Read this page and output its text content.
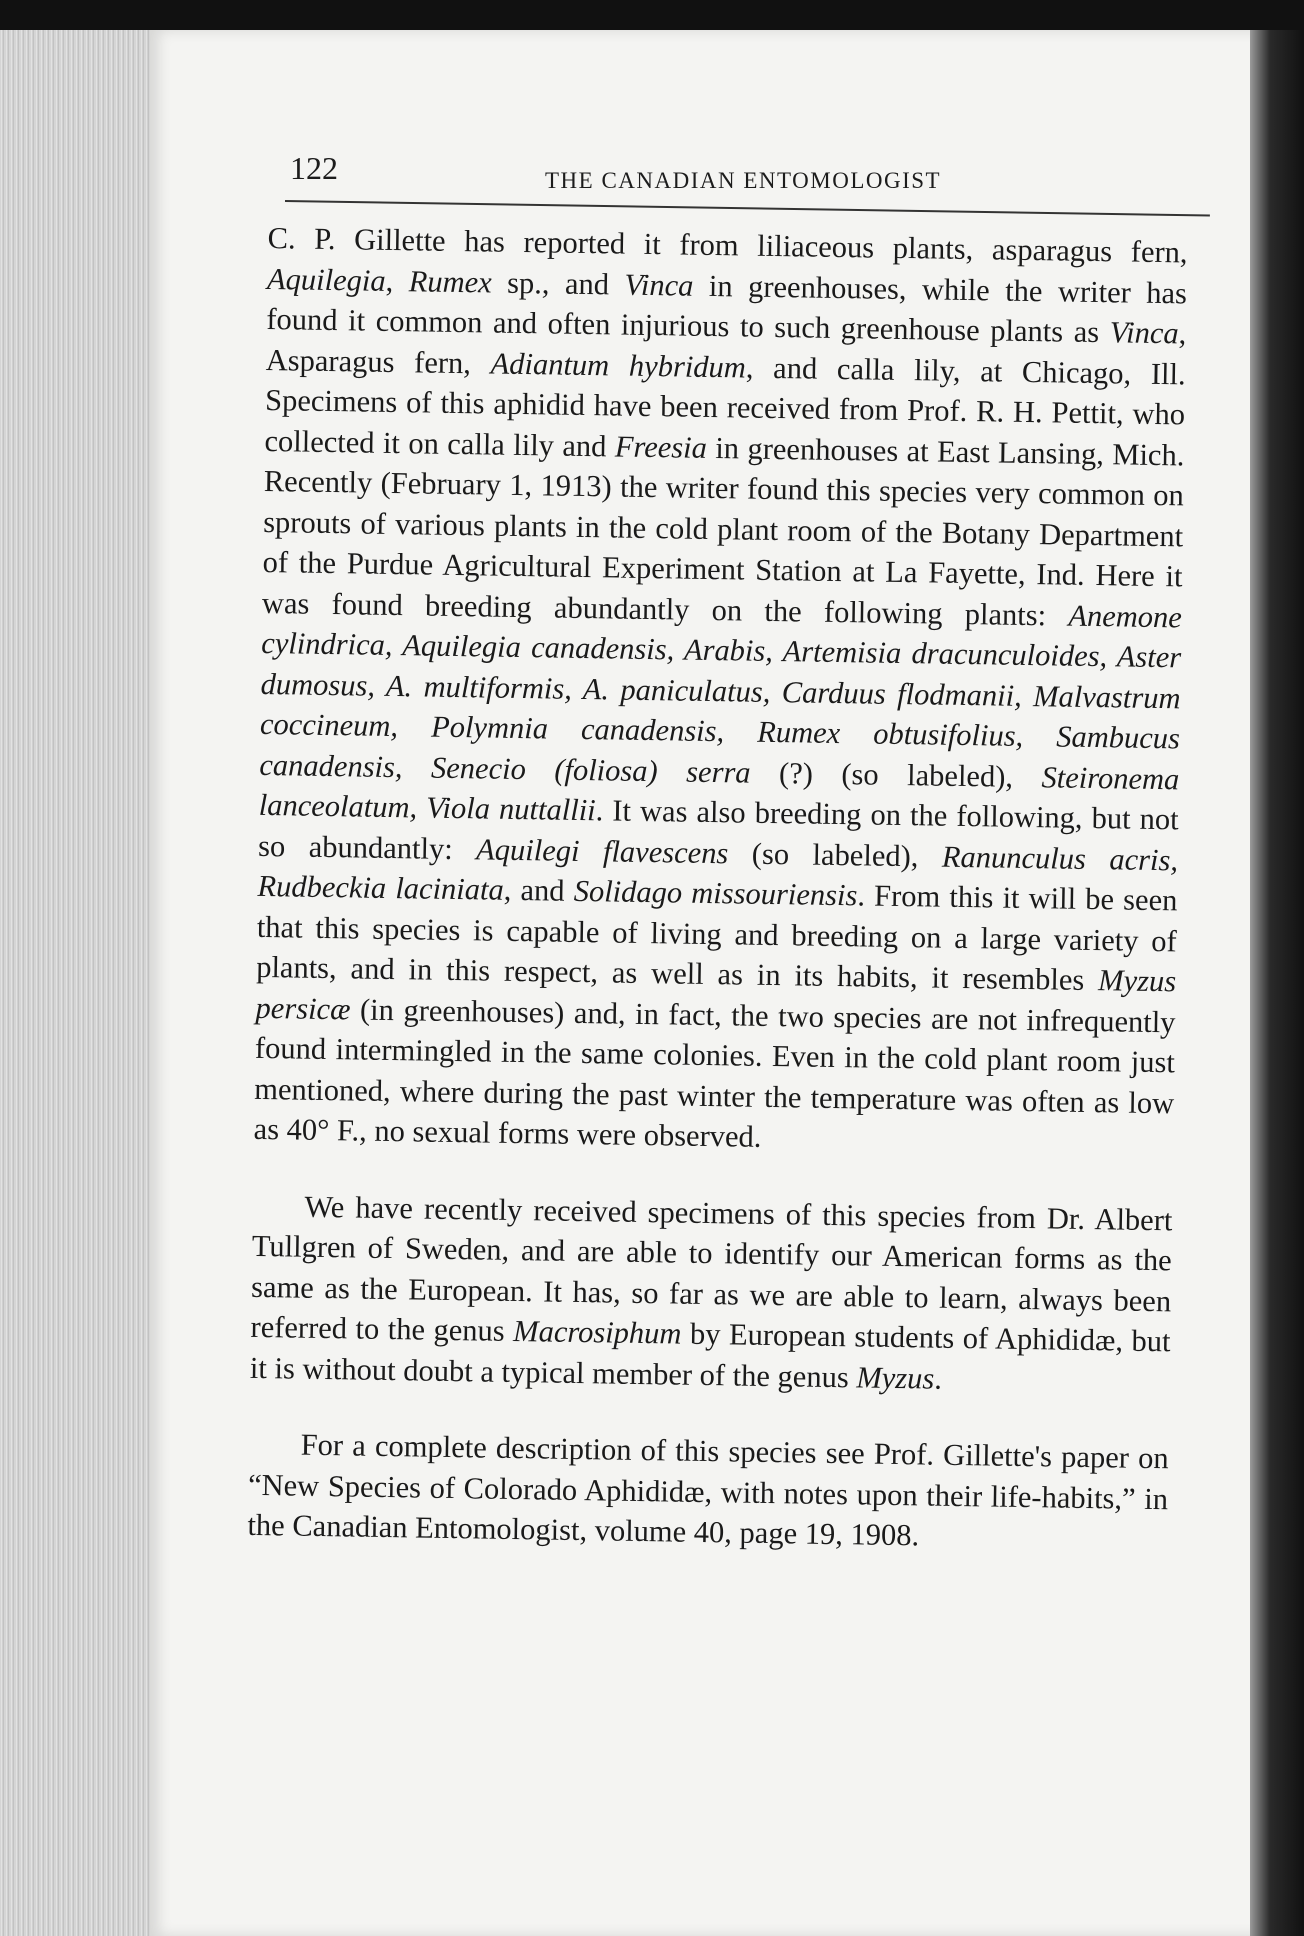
122	THE CANADIAN ENTOMOLOGIST

C. P. Gillette has reported it from liliaceous plants, asparagus fern, Aquilegia, Rumex sp., and Vinca in greenhouses, while the writer has found it common and often injurious to such greenhouse plants as Vinca, Asparagus fern, Adiantum hybridum, and calla lily, at Chicago, Ill. Specimens of this aphidid have been received from Prof. R. H. Pettit, who collected it on calla lily and Freesia in greenhouses at East Lansing, Mich. Recently (February 1, 1913) the writer found this species very common on sprouts of various plants in the cold plant room of the Botany Department of the Purdue Agricultural Experiment Station at La Fayette, Ind. Here it was found breeding abundantly on the following plants: Anemone cylindrica, Aquilegia canadensis, Arabis, Artemisia dracunculoides, Aster dumosus, A. multiformis, A. paniculatus, Carduus flodmanii, Malvastrum coccineum, Polymnia canadensis, Rumex obtusifolius, Sambucus canadensis, Senecio (foliosa) serra (?) (so labeled), Steironema lanceolatum, Viola nuttallii. It was also breeding on the following, but not so abundantly: Aquilegi flavescens (so labeled), Ranunculus acris, Rudbeckia laciniata, and Solidago missouriensis. From this it will be seen that this species is capable of living and breeding on a large variety of plants, and in this respect, as well as in its habits, it resembles Myzus persicæ (in greenhouses) and, in fact, the two species are not infrequently found intermingled in the same colonies. Even in the cold plant room just mentioned, where during the past winter the temperature was often as low as 40° F., no sexual forms were observed.

We have recently received specimens of this species from Dr. Albert Tullgren of Sweden, and are able to identify our American forms as the same as the European. It has, so far as we are able to learn, always been referred to the genus Macrosiphum by European students of Aphididæ, but it is without doubt a typical member of the genus Myzus.

For a complete description of this species see Prof. Gillette's paper on “New Species of Colorado Aphididæ, with notes upon their life-habits,” in the Canadian Entomologist, volume 40, page 19, 1908.
